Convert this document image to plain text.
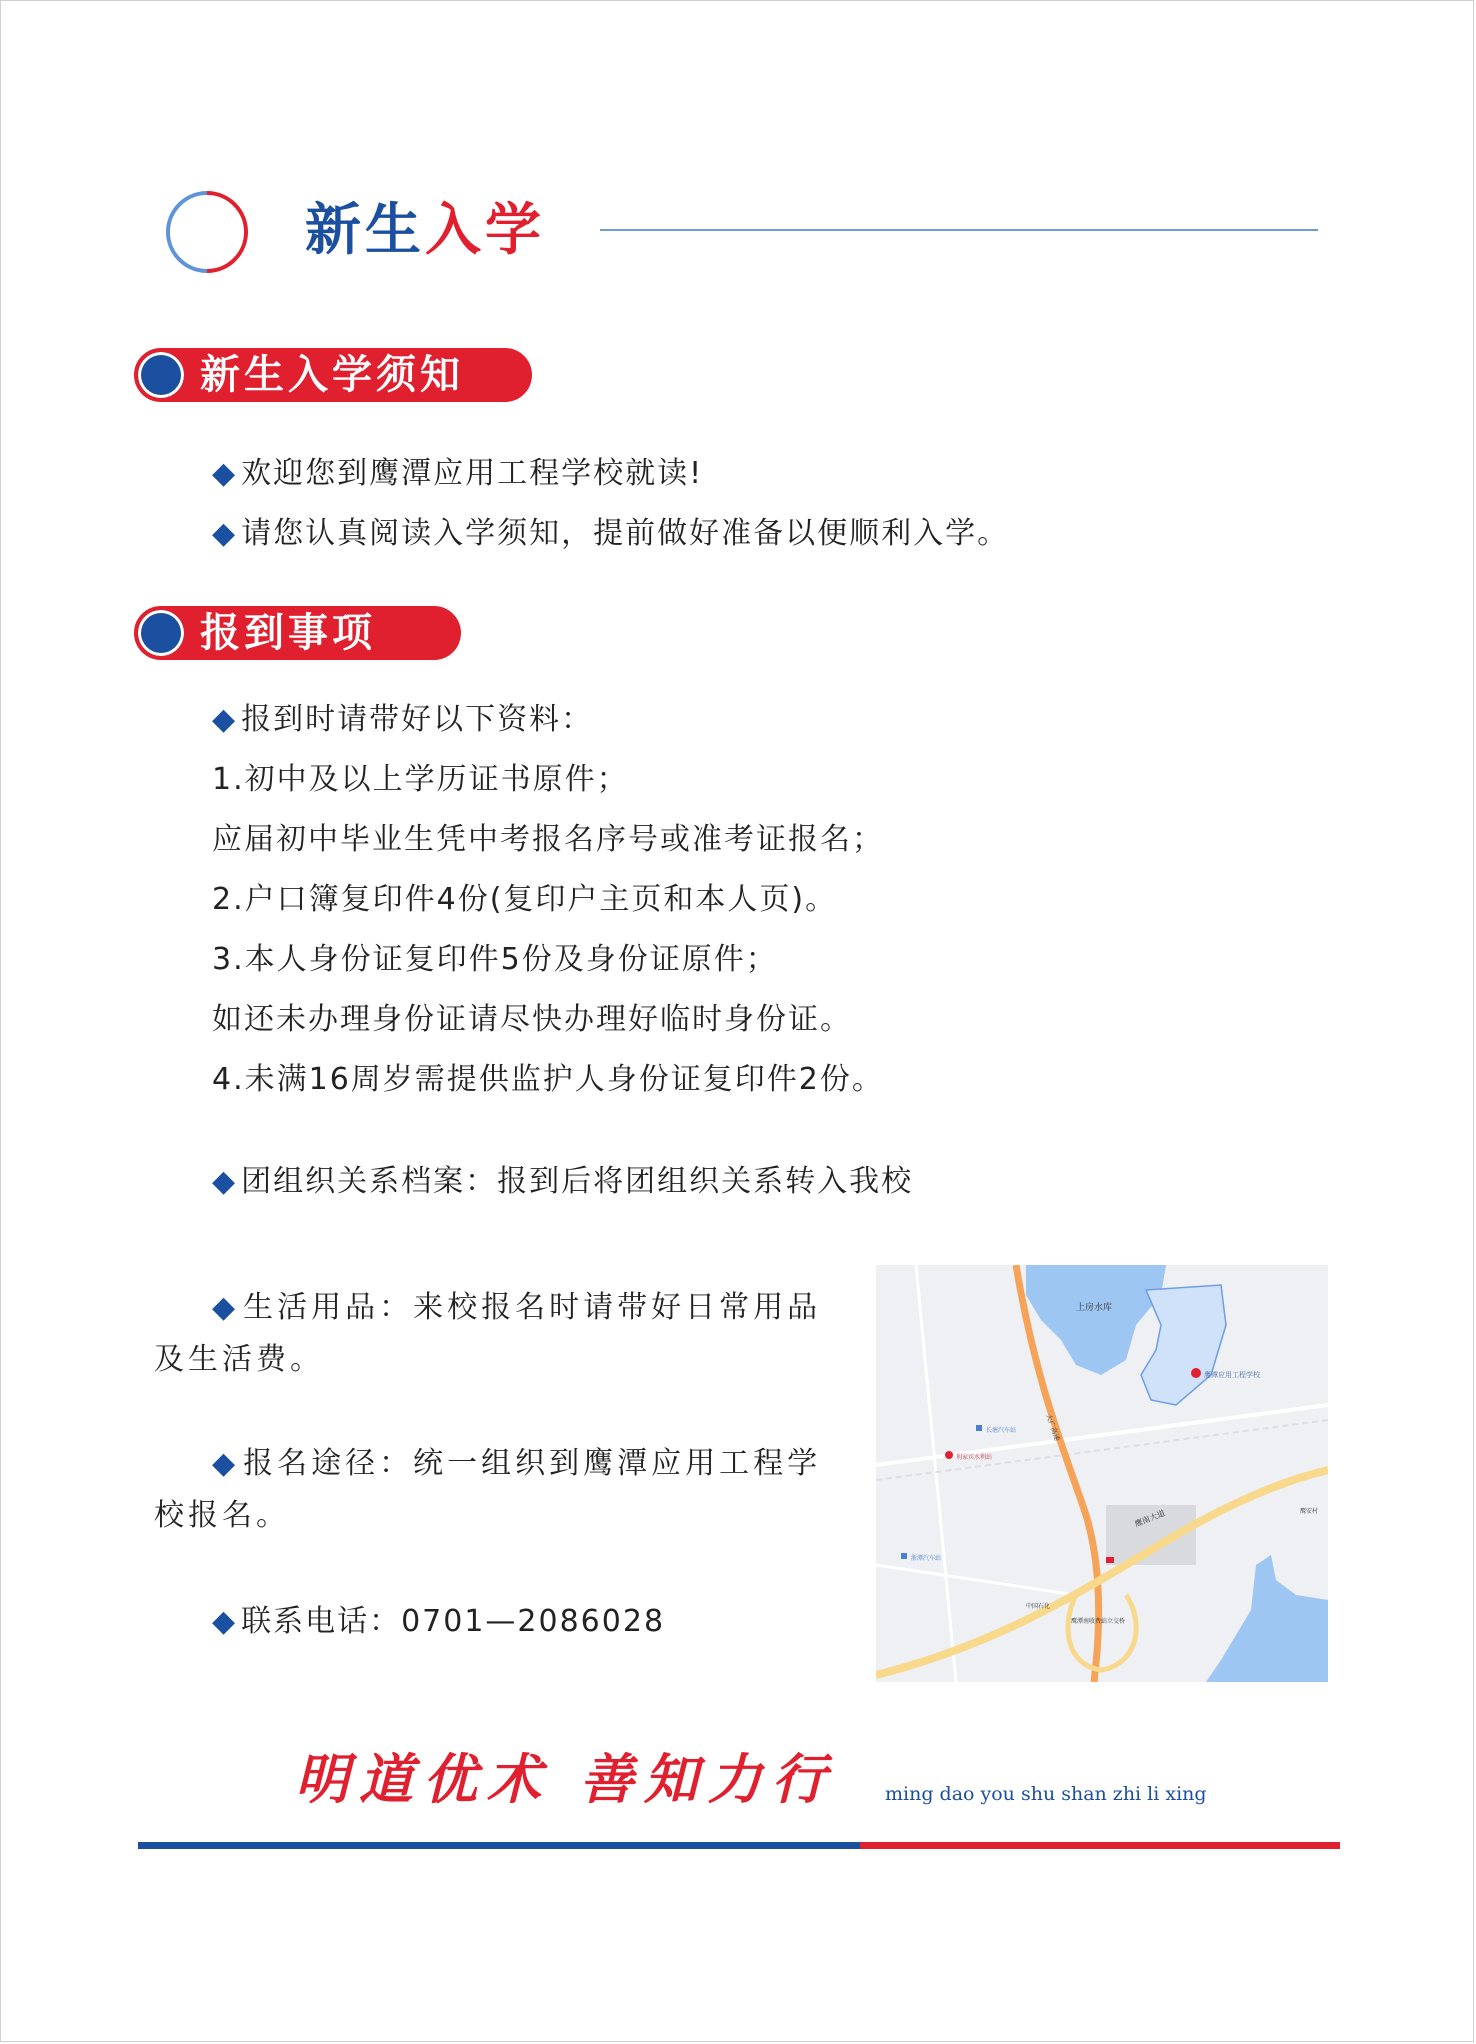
新生入学
新生入学须知
◆ 欢迎您到鹰潭应用工程学校就读!
◆ 请您认真阅读入学须知，提前做好准备以便顺利入学。
报到事项
◆ 报到时请带好以下资料：
1.初中及以上学历证书原件；
应届初中毕业生凭中考报名序号或准考证报名；
2.户口簿复印件4份(复印户主页和本人页)。
3.本人身份证复印件5份及身份证原件；
如还未办理身份证请尽快办理好临时身份证。
4.未满16周岁需提供监护人身份证复印件2份。
◆ 团组织关系档案：报到后将团组织关系转入我校
◆ 生活用品：来校报名时请带好日常用品及生活费。
◆ 报名途径：统一组织到鹰潭应用工程学校报名。
◆ 联系电话：0701—2086028
上房水库
鹰潭应用工程学校
鹰南大道
大广高速
长塘汽车站
浙潭汽车站
利家宾水利站
鹰潭南收费站立交桥
中国石化
鹰安村
明道优术 善知力行	ming dao you shu shan zhi li xing
